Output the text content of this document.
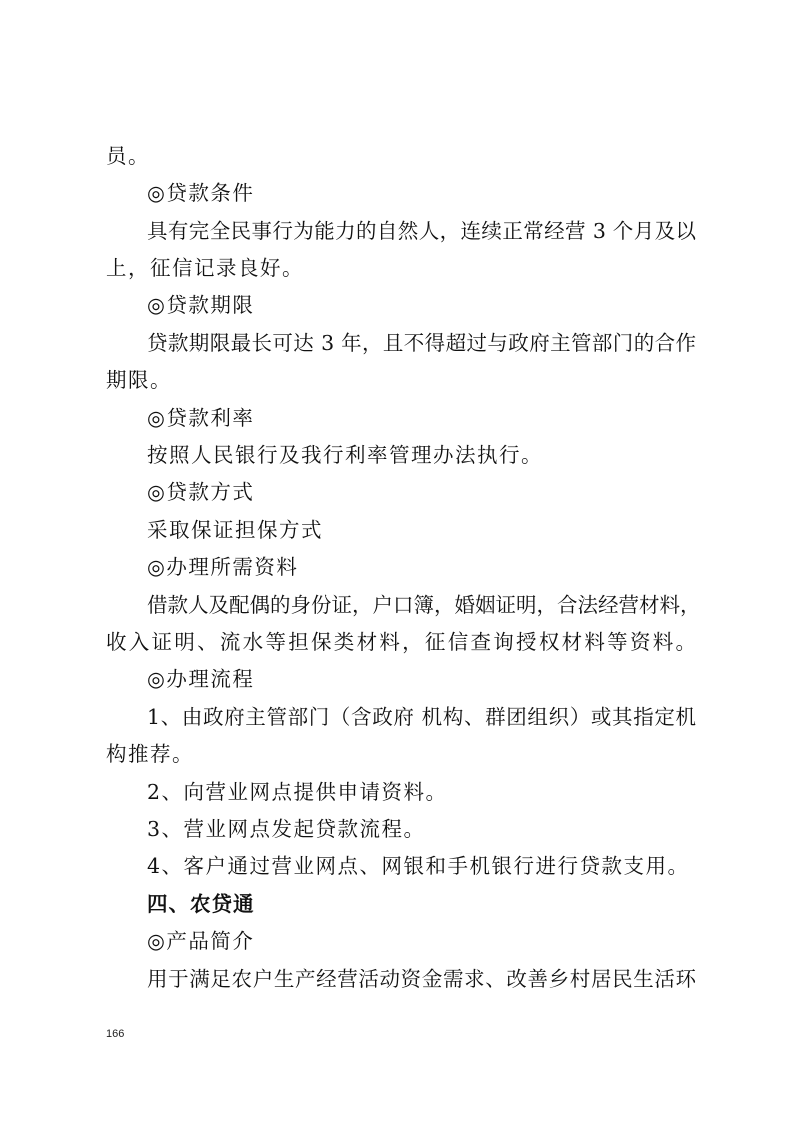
员。
◎贷款条件
具有完全民事行为能力的自然人，连续正常经营 3 个月及以
上，征信记录良好。
◎贷款期限
贷款期限最长可达 3 年，且不得超过与政府主管部门的合作
期限。
◎贷款利率
按照人民银行及我行利率管理办法执行。
◎贷款方式
采取保证担保方式
◎办理所需资料
借款人及配偶的身份证，户口簿，婚姻证明，合法经营材料，
收入证明、流水等担保类材料，征信查询授权材料等资料。
◎办理流程
1、由政府主管部门（含政府 机构、群团组织）或其指定机
构推荐。
2、向营业网点提供申请资料。
3、营业网点发起贷款流程。
4、客户通过营业网点、网银和手机银行进行贷款支用。
四、农贷通
◎产品简介
用于满足农户生产经营活动资金需求、改善乡村居民生活环
166
